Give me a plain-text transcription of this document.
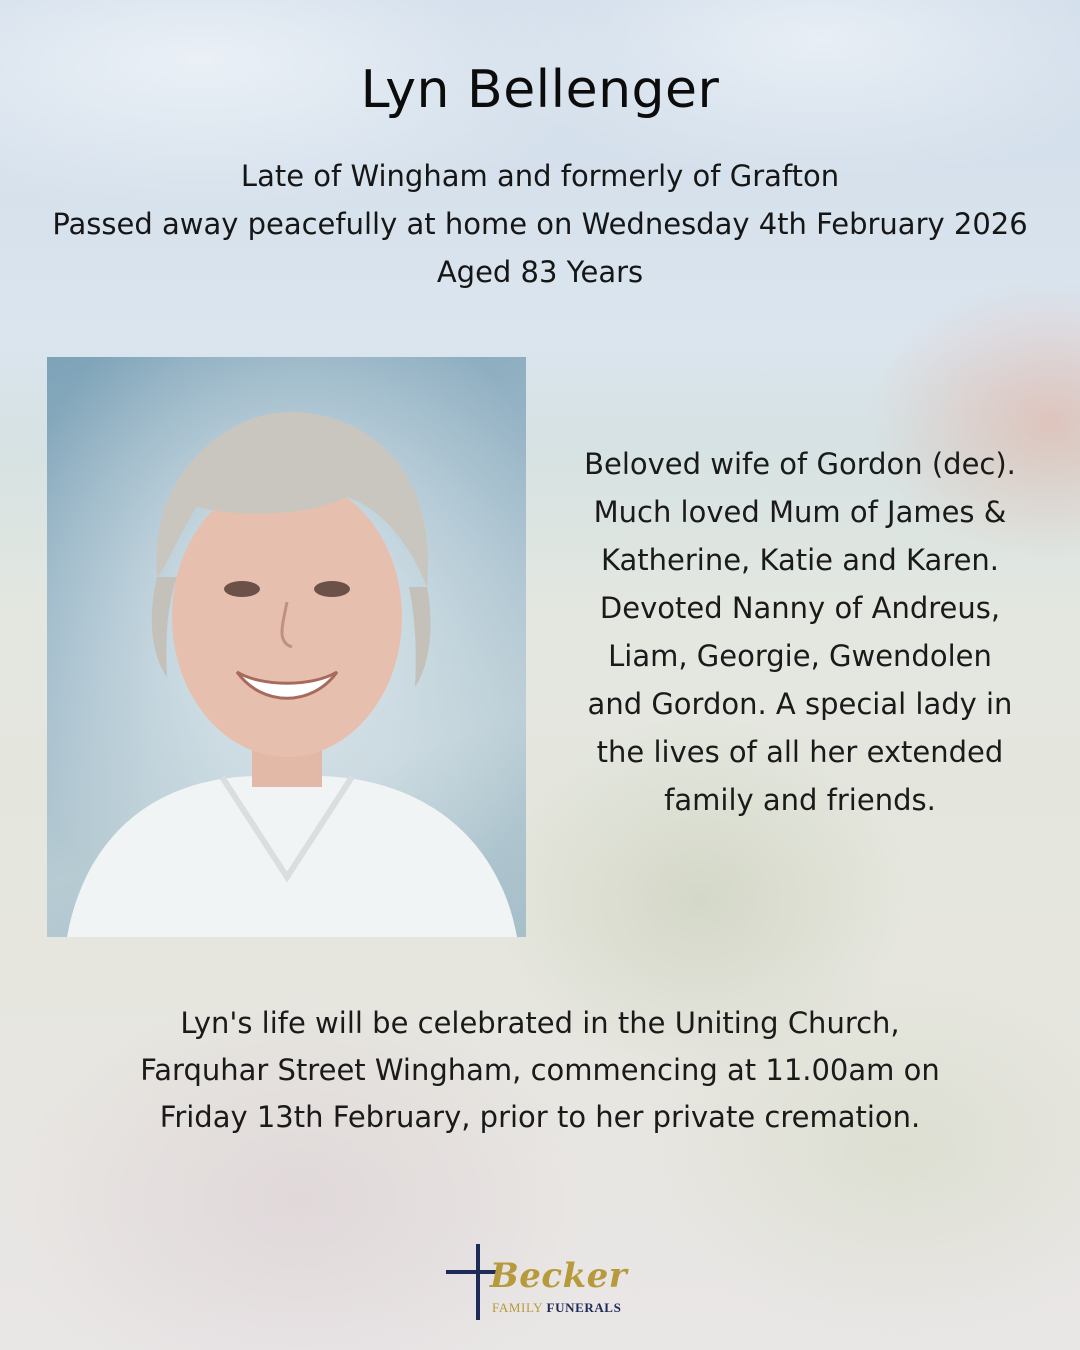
Lyn Bellenger
Late of Wingham and formerly of Grafton
Passed away peacefully at home on Wednesday 4th February 2026
Aged 83 Years
Beloved wife of Gordon (dec).
Much loved Mum of James &
Katherine, Katie and Karen.
Devoted Nanny of Andreus,
Liam, Georgie, Gwendolen
and Gordon. A special lady in
the lives of all her extended
family and friends.
Lyn's life will be celebrated in the Uniting Church,
Farquhar Street Wingham, commencing at 11.00am on
Friday 13th February, prior to her private cremation.
Becker
FAMILY FUNERALS
